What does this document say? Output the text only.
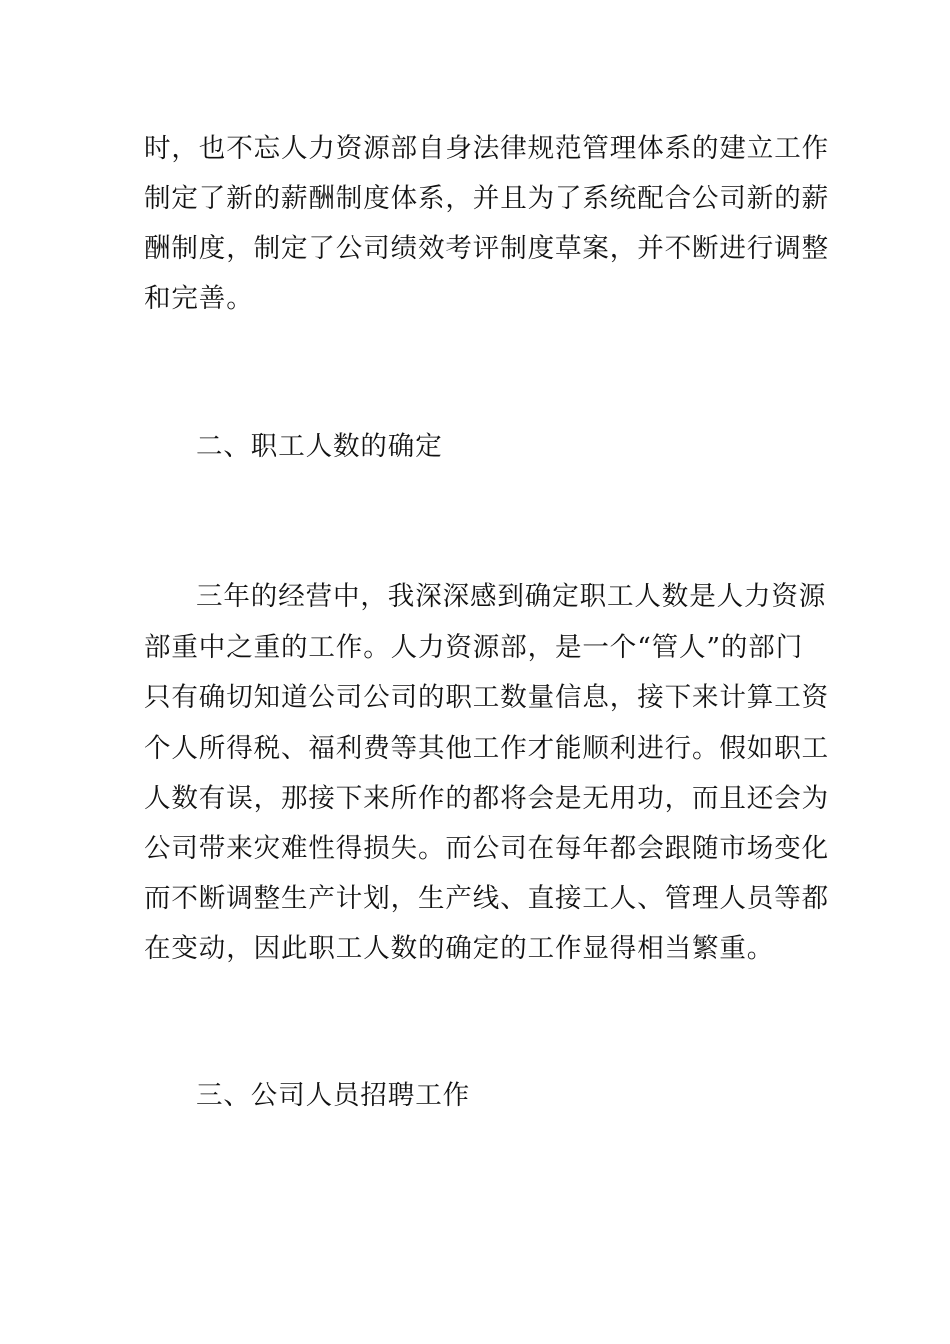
时，也不忘人力资源部自身法律规范管理体系的建立工作
制定了新的薪酬制度体系，并且为了系统配合公司新的薪
酬制度，制定了公司绩效考评制度草案，并不断进行调整
和完善。
二、职工人数的确定
三年的经营中，我深深感到确定职工人数是人力资源
部重中之重的工作。人力资源部，是一个“管人”的部门
只有确切知道公司公司的职工数量信息，接下来计算工资
个人所得税、福利费等其他工作才能顺利进行。假如职工
人数有误，那接下来所作的都将会是无用功，而且还会为
公司带来灾难性得损失。而公司在每年都会跟随市场变化
而不断调整生产计划，生产线、直接工人、管理人员等都
在变动，因此职工人数的确定的工作显得相当繁重。
三、公司人员招聘工作
